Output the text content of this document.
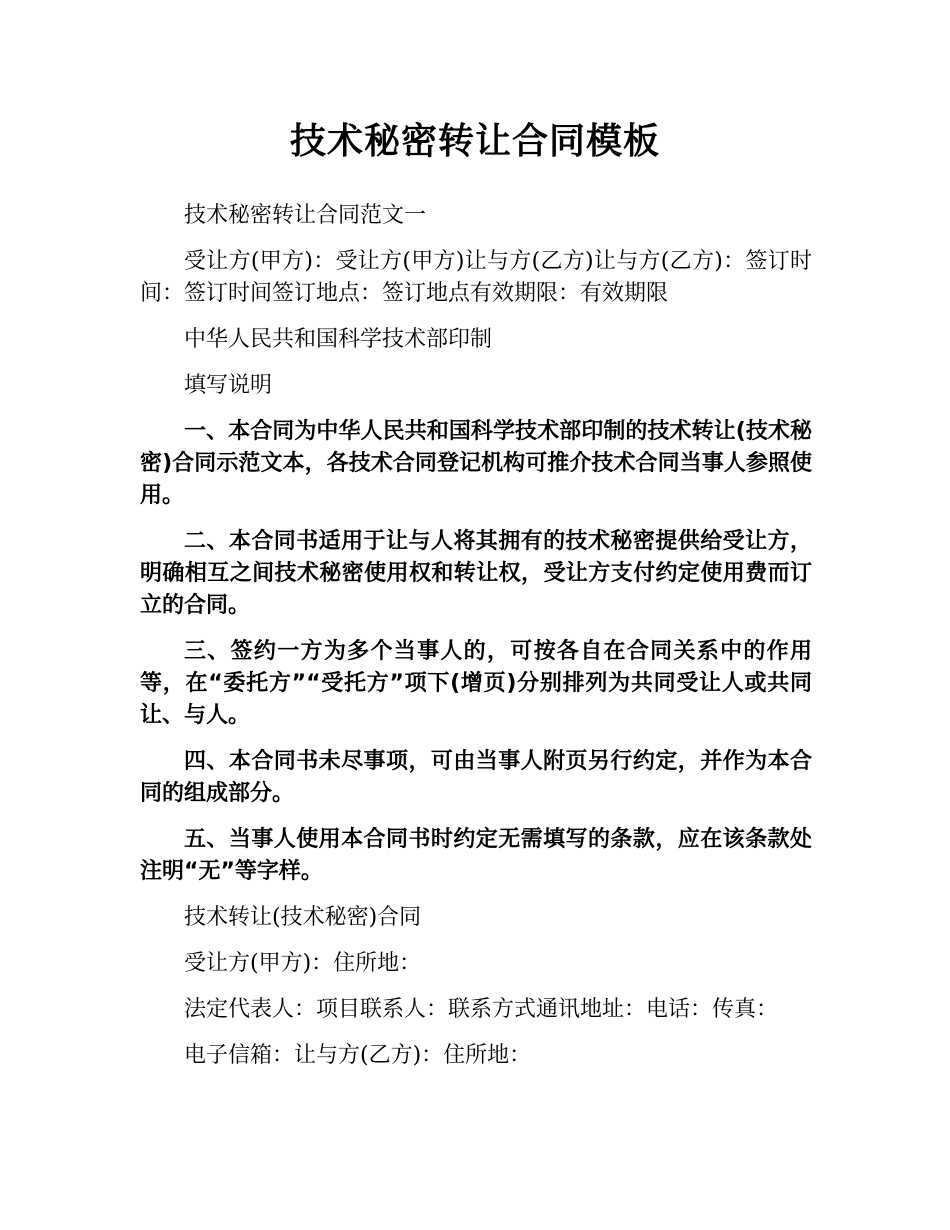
技术秘密转让合同模板

技术秘密转让合同范文一

受让方(甲方)：受让方(甲方)让与方(乙方)让与方(乙方)：签订时间：签订时间签订地点：签订地点有效期限：有效期限

中华人民共和国科学技术部印制

填写说明

一、本合同为中华人民共和国科学技术部印制的技术转让(技术秘密)合同示范文本，各技术合同登记机构可推介技术合同当事人参照使用。

二、本合同书适用于让与人将其拥有的技术秘密提供给受让方，明确相互之间技术秘密使用权和转让权，受让方支付约定使用费而订立的合同。

三、签约一方为多个当事人的，可按各自在合同关系中的作用等，在“委托方”“受托方”项下(增页)分别排列为共同受让人或共同让、与人。

四、本合同书未尽事项，可由当事人附页另行约定，并作为本合同的组成部分。

五、当事人使用本合同书时约定无需填写的条款，应在该条款处注明“无”等字样。

技术转让(技术秘密)合同

受让方(甲方)：住所地：

法定代表人：项目联系人：联系方式通讯地址：电话：传真：

电子信箱：让与方(乙方)：住所地：
